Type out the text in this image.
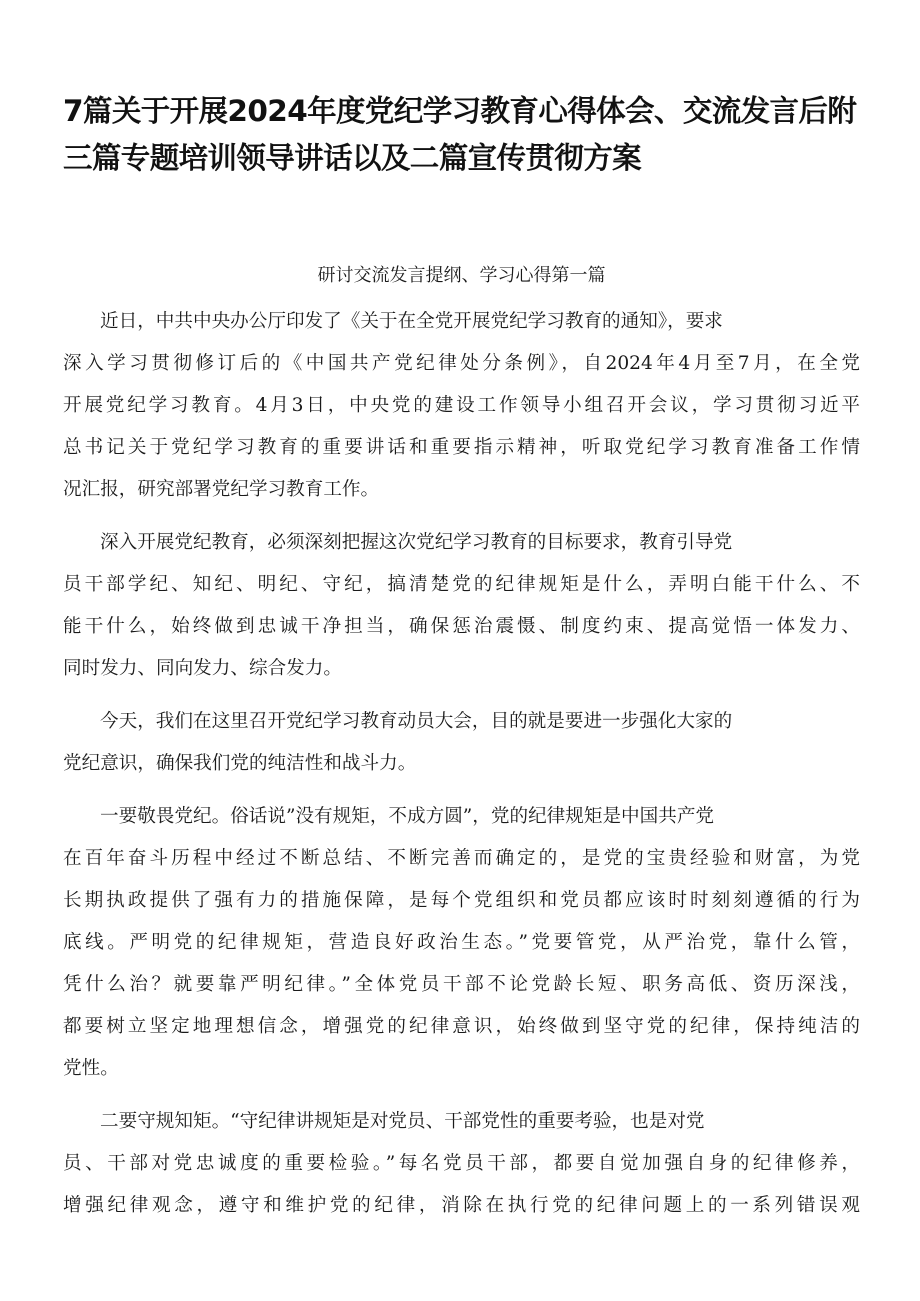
7篇关于开展2024年度党纪学习教育心得体会、交流发言后附
三篇专题培训领导讲话以及二篇宣传贯彻方案
研讨交流发言提纲、学习心得第一篇

近日，中共中央办公厅印发了《关于在全党开展党纪学习教育的通知》，要求
深入学习贯彻修订后的《中国共产党纪律处分条例》，自2024年4月至7月，在全党
开展党纪学习教育。4月3日，中央党的建设工作领导小组召开会议，学习贯彻习近平
总书记关于党纪学习教育的重要讲话和重要指示精神，听取党纪学习教育准备工作情
况汇报，研究部署党纪学习教育工作。

深入开展党纪教育，必须深刻把握这次党纪学习教育的目标要求，教育引导党
员干部学纪、知纪、明纪、守纪，搞清楚党的纪律规矩是什么，弄明白能干什么、不
能干什么，始终做到忠诚干净担当，确保惩治震慑、制度约束、提高觉悟一体发力、
同时发力、同向发力、综合发力。

今天，我们在这里召开党纪学习教育动员大会，目的就是要进一步强化大家的
党纪意识，确保我们党的纯洁性和战斗力。

一要敬畏党纪。俗话说”没有规矩，不成方圆”，党的纪律规矩是中国共产党
在百年奋斗历程中经过不断总结、不断完善而确定的，是党的宝贵经验和财富，为党
长期执政提供了强有力的措施保障，是每个党组织和党员都应该时时刻刻遵循的行为
底线。严明党的纪律规矩，营造良好政治生态。”党要管党，从严治党，靠什么管，
凭什么治？就要靠严明纪律。”全体党员干部不论党龄长短、职务高低、资历深浅，
都要树立坚定地理想信念，增强党的纪律意识，始终做到坚守党的纪律，保持纯洁的
党性。

二要守规知矩。“守纪律讲规矩是对党员、干部党性的重要考验，也是对党
员、干部对党忠诚度的重要检验。”每名党员干部，都要自觉加强自身的纪律修养，
增强纪律观念，遵守和维护党的纪律，消除在执行党的纪律问题上的一系列错误观
